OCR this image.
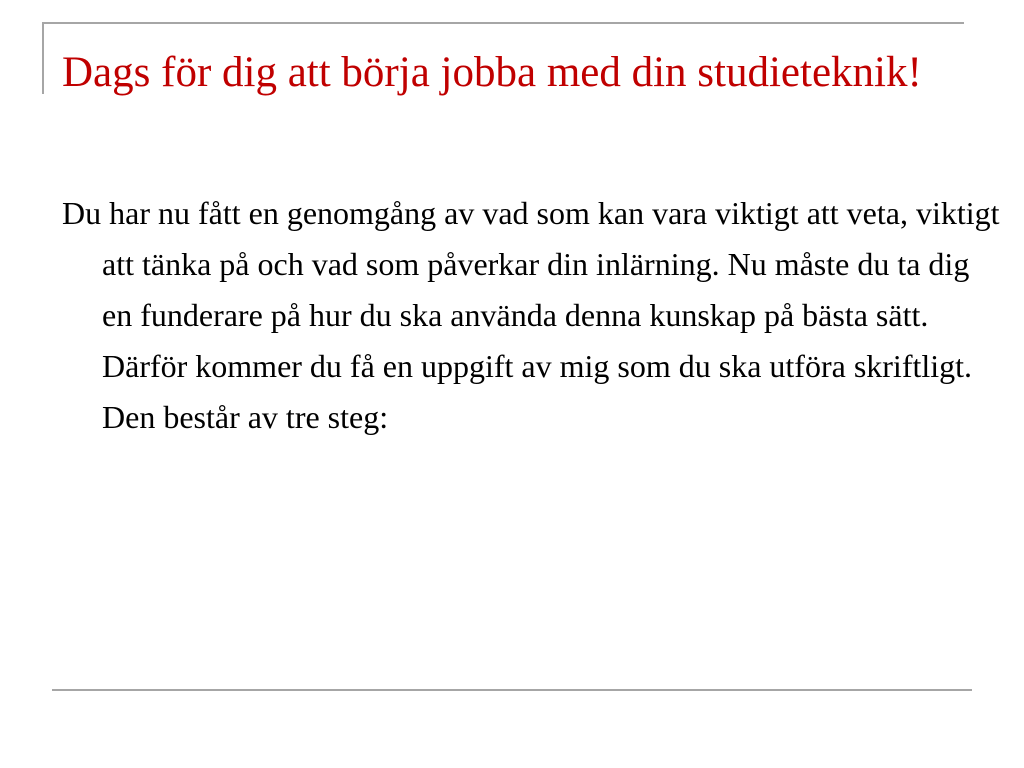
Dags för dig att börja jobba med din studieteknik!

Du har nu fått en genomgång av vad som kan vara viktigt att veta, viktigt att tänka på och vad som påverkar din inlärning. Nu måste du ta dig en funderare på hur du ska använda denna kunskap på bästa sätt. Därför kommer du få en uppgift av mig som du ska utföra skriftligt. Den består av tre steg:
